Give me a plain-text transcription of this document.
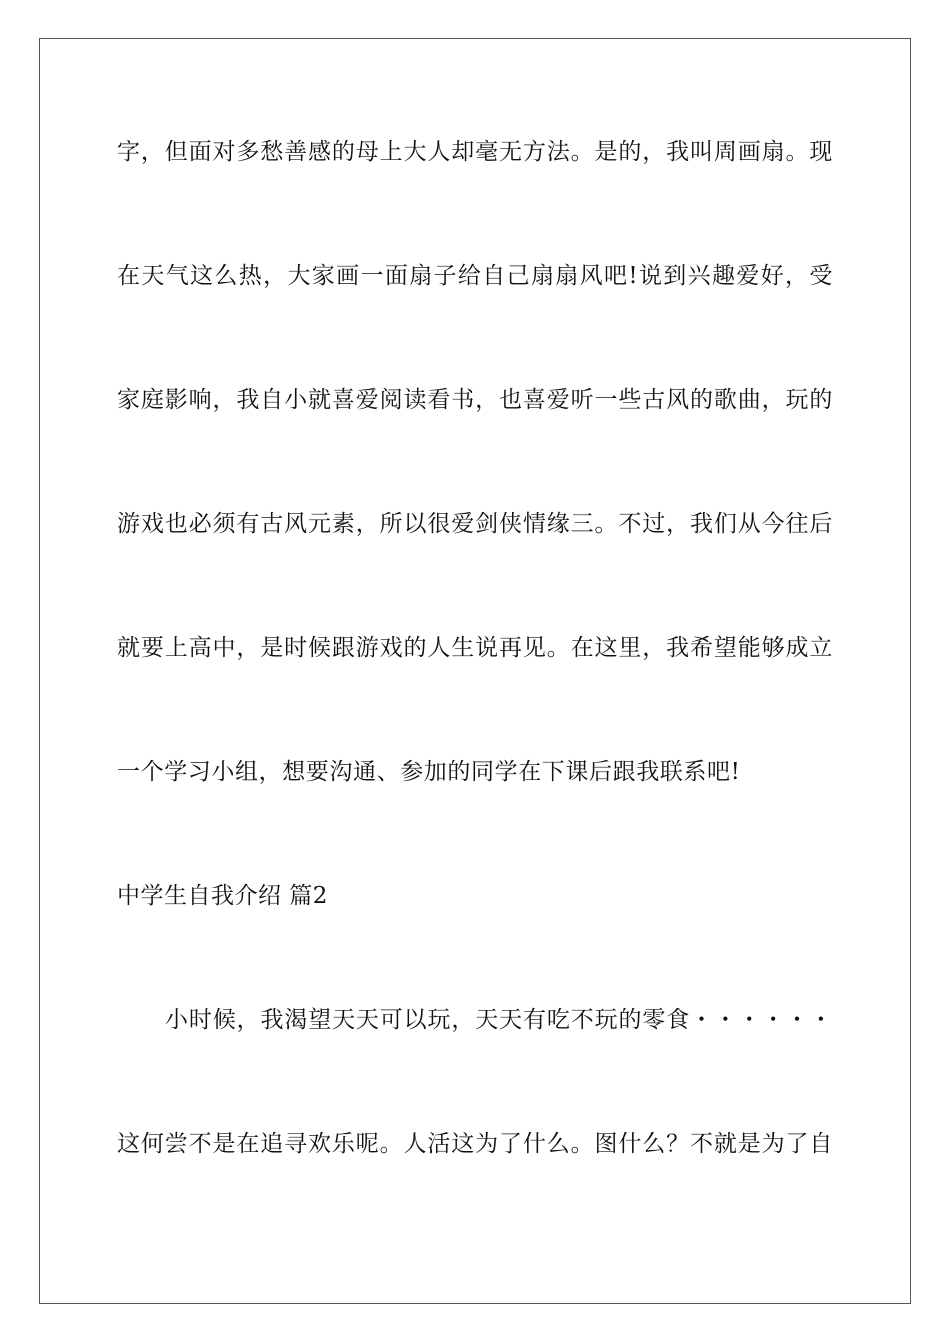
字，但面对多愁善感的母上大人却毫无方法。是的，我叫周画扇。现
在天气这么热，大家画一面扇子给自己扇扇风吧!说到兴趣爱好，受
家庭影响，我自小就喜爱阅读看书，也喜爱听一些古风的歌曲，玩的
游戏也必须有古风元素，所以很爱剑侠情缘三。不过，我们从今往后
就要上高中，是时候跟游戏的人生说再见。在这里，我希望能够成立
一个学习小组，想要沟通、参加的同学在下课后跟我联系吧!
中学生自我介绍 篇2
小时候，我渴望天天可以玩，天天有吃不玩的零食・・・・・・
这何尝不是在追寻欢乐呢。人活这为了什么。图什么？不就是为了自
